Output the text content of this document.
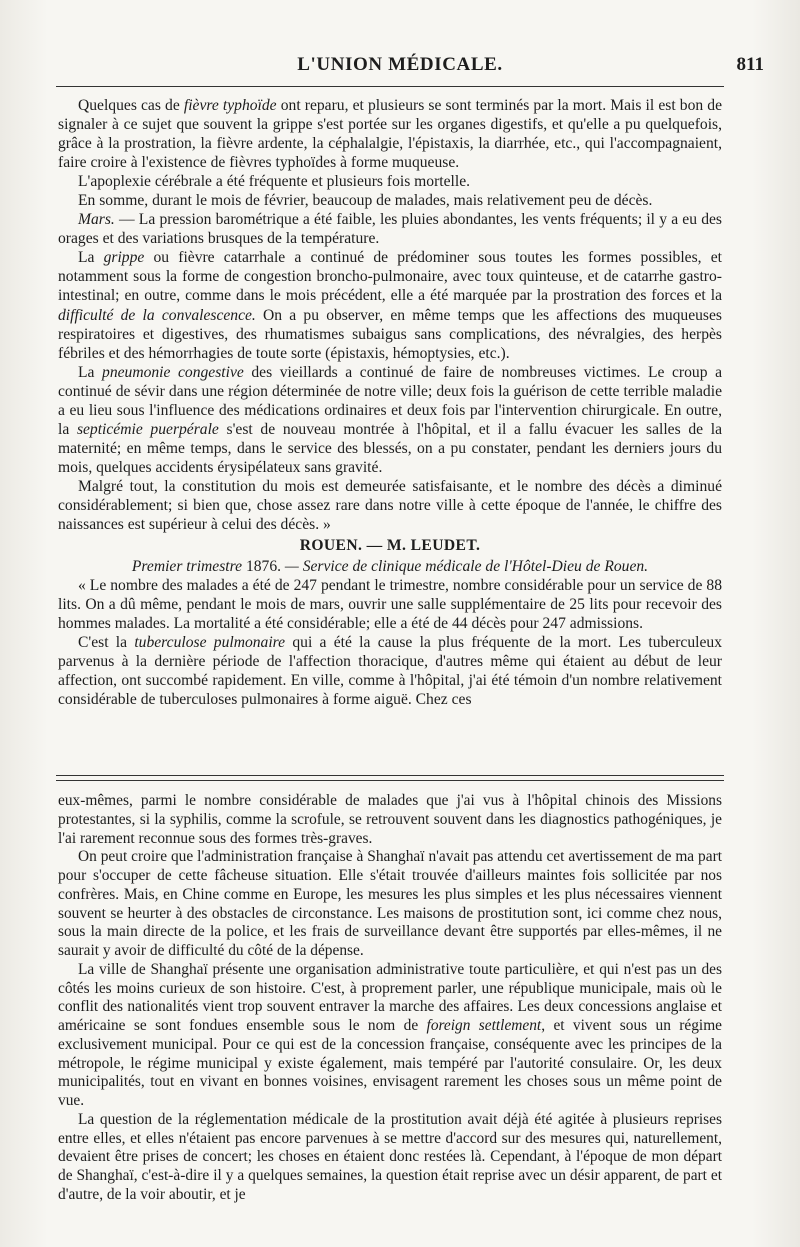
L'UNION MÉDICALE.	811

Quelques cas de fièvre typhoïde ont reparu, et plusieurs se sont terminés par la mort. Mais il est bon de signaler à ce sujet que souvent la grippe s'est portée sur les organes digestifs, et qu'elle a pu quelquefois, grâce à la prostration, la fièvre ardente, la céphalalgie, l'épistaxis, la diarrhée, etc., qui l'accompagnaient, faire croire à l'existence de fièvres typhoïdes à forme muqueuse.

L'apoplexie cérébrale a été fréquente et plusieurs fois mortelle.

En somme, durant le mois de février, beaucoup de malades, mais relativement peu de décès.

Mars. — La pression barométrique a été faible, les pluies abondantes, les vents fréquents; il y a eu des orages et des variations brusques de la température.

La grippe ou fièvre catarrhale a continué de prédominer sous toutes les formes possibles, et notamment sous la forme de congestion broncho-pulmonaire, avec toux quinteuse, et de catarrhe gastro-intestinal; en outre, comme dans le mois précédent, elle a été marquée par la prostration des forces et la difficulté de la convalescence. On a pu observer, en même temps que les affections des muqueuses respiratoires et digestives, des rhumatismes subaigus sans complications, des névralgies, des herpès fébriles et des hémorrhagies de toute sorte (épistaxis, hémoptysies, etc.).

La pneumonie congestive des vieillards a continué de faire de nombreuses victimes. Le croup a continué de sévir dans une région déterminée de notre ville; deux fois la guérison de cette terrible maladie a eu lieu sous l'influence des médications ordinaires et deux fois par l'intervention chirurgicale. En outre, la septicémie puerpérale s'est de nouveau montrée à l'hôpital, et il a fallu évacuer les salles de la maternité; en même temps, dans le service des blessés, on a pu constater, pendant les derniers jours du mois, quelques accidents érysipélateux sans gravité.

Malgré tout, la constitution du mois est demeurée satisfaisante, et le nombre des décès a diminué considérablement; si bien que, chose assez rare dans notre ville à cette époque de l'année, le chiffre des naissances est supérieur à celui des décès. »

ROUEN. — M. LEUDET.

Premier trimestre 1876. — Service de clinique médicale de l'Hôtel-Dieu de Rouen.

« Le nombre des malades a été de 247 pendant le trimestre, nombre considérable pour un service de 88 lits. On a dû même, pendant le mois de mars, ouvrir une salle supplémentaire de 25 lits pour recevoir des hommes malades. La mortalité a été considérable; elle a été de 44 décès pour 247 admissions.

C'est la tuberculose pulmonaire qui a été la cause la plus fréquente de la mort. Les tuberculeux parvenus à la dernière période de l'affection thoracique, d'autres même qui étaient au début de leur affection, ont succombé rapidement. En ville, comme à l'hôpital, j'ai été témoin d'un nombre relativement considérable de tuberculoses pulmonaires à forme aiguë. Chez ces

eux-mêmes, parmi le nombre considérable de malades que j'ai vus à l'hôpital chinois des Missions protestantes, si la syphilis, comme la scrofule, se retrouvent souvent dans les diagnostics pathogéniques, je l'ai rarement reconnue sous des formes très-graves.

On peut croire que l'administration française à Shanghaï n'avait pas attendu cet avertissement de ma part pour s'occuper de cette fâcheuse situation. Elle s'était trouvée d'ailleurs maintes fois sollicitée par nos confrères. Mais, en Chine comme en Europe, les mesures les plus simples et les plus nécessaires viennent souvent se heurter à des obstacles de circonstance. Les maisons de prostitution sont, ici comme chez nous, sous la main directe de la police, et les frais de surveillance devant être supportés par elles-mêmes, il ne saurait y avoir de difficulté du côté de la dépense.

La ville de Shanghaï présente une organisation administrative toute particulière, et qui n'est pas un des côtés les moins curieux de son histoire. C'est, à proprement parler, une république municipale, mais où le conflit des nationalités vient trop souvent entraver la marche des affaires. Les deux concessions anglaise et américaine se sont fondues ensemble sous le nom de foreign settlement, et vivent sous un régime exclusivement municipal. Pour ce qui est de la concession française, conséquente avec les principes de la métropole, le régime municipal y existe également, mais tempéré par l'autorité consulaire. Or, les deux municipalités, tout en vivant en bonnes voisines, envisagent rarement les choses sous un même point de vue.

La question de la réglementation médicale de la prostitution avait déjà été agitée à plusieurs reprises entre elles, et elles n'étaient pas encore parvenues à se mettre d'accord sur des mesures qui, naturellement, devaient être prises de concert; les choses en étaient donc restées là. Cependant, à l'époque de mon départ de Shanghaï, c'est-à-dire il y a quelques semaines, la question était reprise avec un désir apparent, de part et d'autre, de la voir aboutir, et je
